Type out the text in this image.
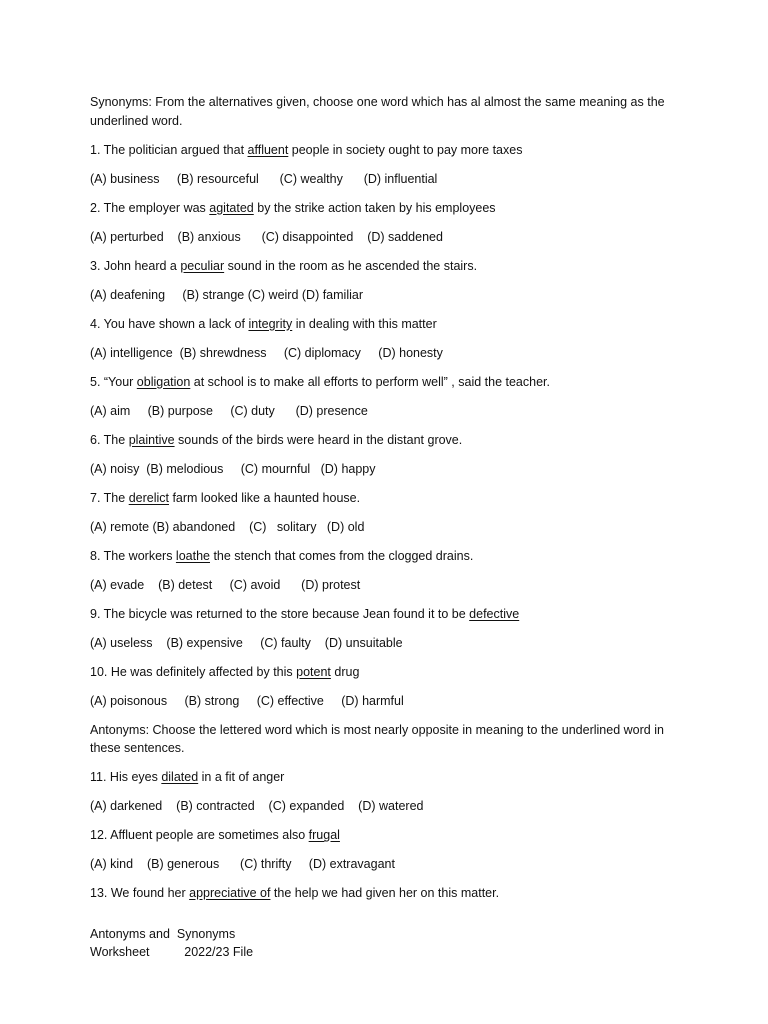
Synonyms: From the alternatives given, choose one word which has al almost the same meaning as the underlined word.

1. The politician argued that affluent people in society ought to pay more taxes

(A) business     (B) resourceful      (C) wealthy      (D) influential

2. The employer was agitated by the strike action taken by his employees

(A) perturbed    (B) anxious      (C) disappointed    (D) saddened

3. John heard a peculiar sound in the room as he ascended the stairs.

(A) deafening     (B) strange (C) weird (D) familiar

4. You have shown a lack of integrity in dealing with this matter

(A) intelligence  (B) shrewdness     (C) diplomacy     (D) honesty

5. “Your obligation at school is to make all efforts to perform well” , said the teacher.

(A) aim     (B) purpose     (C) duty      (D) presence

6. The plaintive sounds of the birds were heard in the distant grove.

(A) noisy  (B) melodious     (C) mournful   (D) happy

7. The derelict farm looked like a haunted house.

(A) remote (B) abandoned    (C)   solitary   (D) old

8. The workers loathe the stench that comes from the clogged drains.

(A) evade    (B) detest     (C) avoid      (D) protest

9. The bicycle was returned to the store because Jean found it to be defective

(A) useless    (B) expensive     (C) faulty    (D) unsuitable

10. He was definitely affected by this potent drug

(A) poisonous     (B) strong     (C) effective     (D) harmful

Antonyms: Choose the lettered word which is most nearly opposite in meaning to the underlined word in these sentences.

11. His eyes dilated in a fit of anger

(A) darkened    (B) contracted    (C) expanded    (D) watered

12. Affluent people are sometimes also frugal

(A) kind    (B) generous      (C) thrifty     (D) extravagant

13. We found her appreciative of the help we had given her on this matter.

Antonyms and  Synonyms
Worksheet          2022/23 File
